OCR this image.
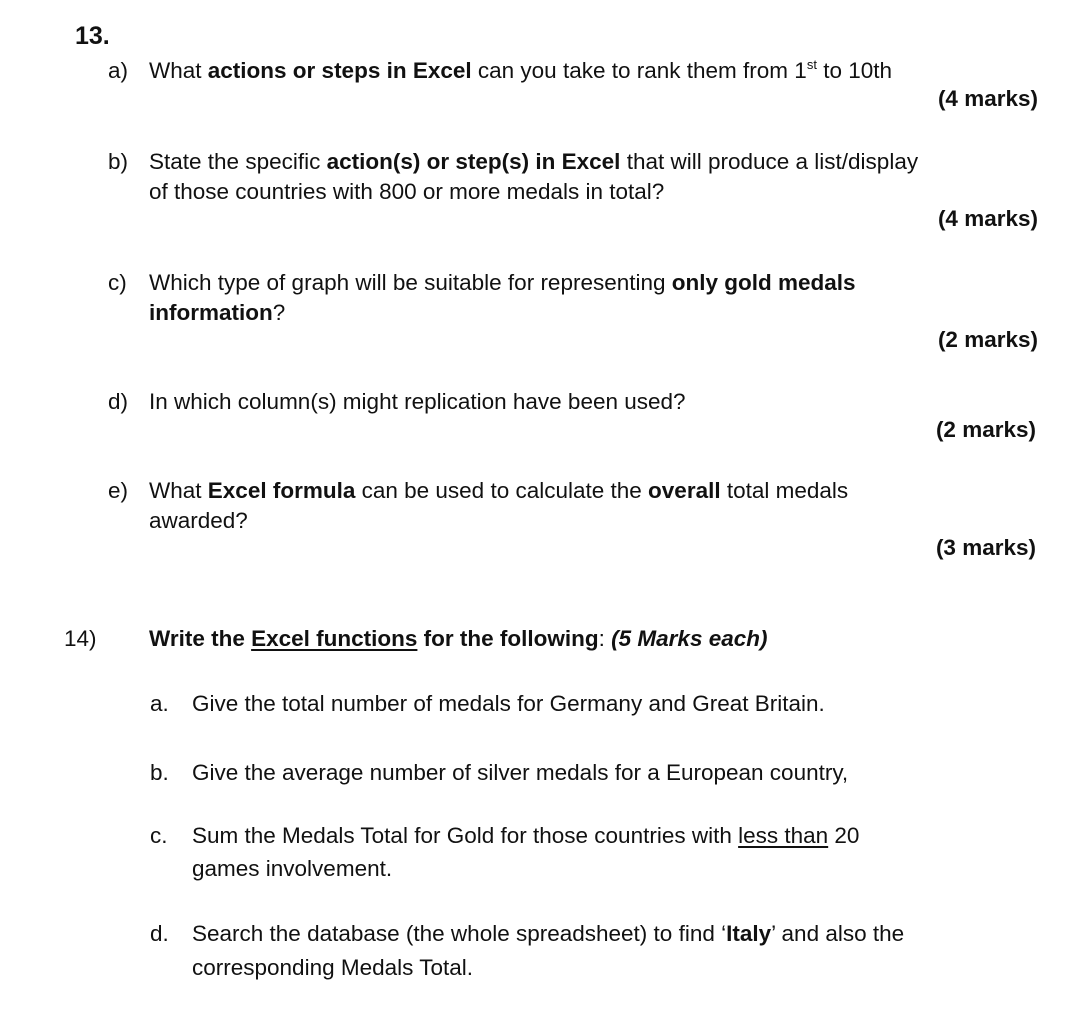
13.
a) What actions or steps in Excel can you take to rank them from 1st to 10th
(4 marks)
b) State the specific action(s) or step(s) in Excel that will produce a list/display
of those countries with 800 or more medals in total?
(4 marks)
c) Which type of graph will be suitable for representing only gold medals
information?
(2 marks)
d) In which column(s) might replication have been used?
(2 marks)
e) What Excel formula can be used to calculate the overall total medals
awarded?
(3 marks)
14) Write the Excel functions for the following: (5 Marks each)
a. Give the total number of medals for Germany and Great Britain.
b. Give the average number of silver medals for a European country,
c. Sum the Medals Total for Gold for those countries with less than 20
games involvement.
d. Search the database (the whole spreadsheet) to find ‘Italy’ and also the
corresponding Medals Total.
